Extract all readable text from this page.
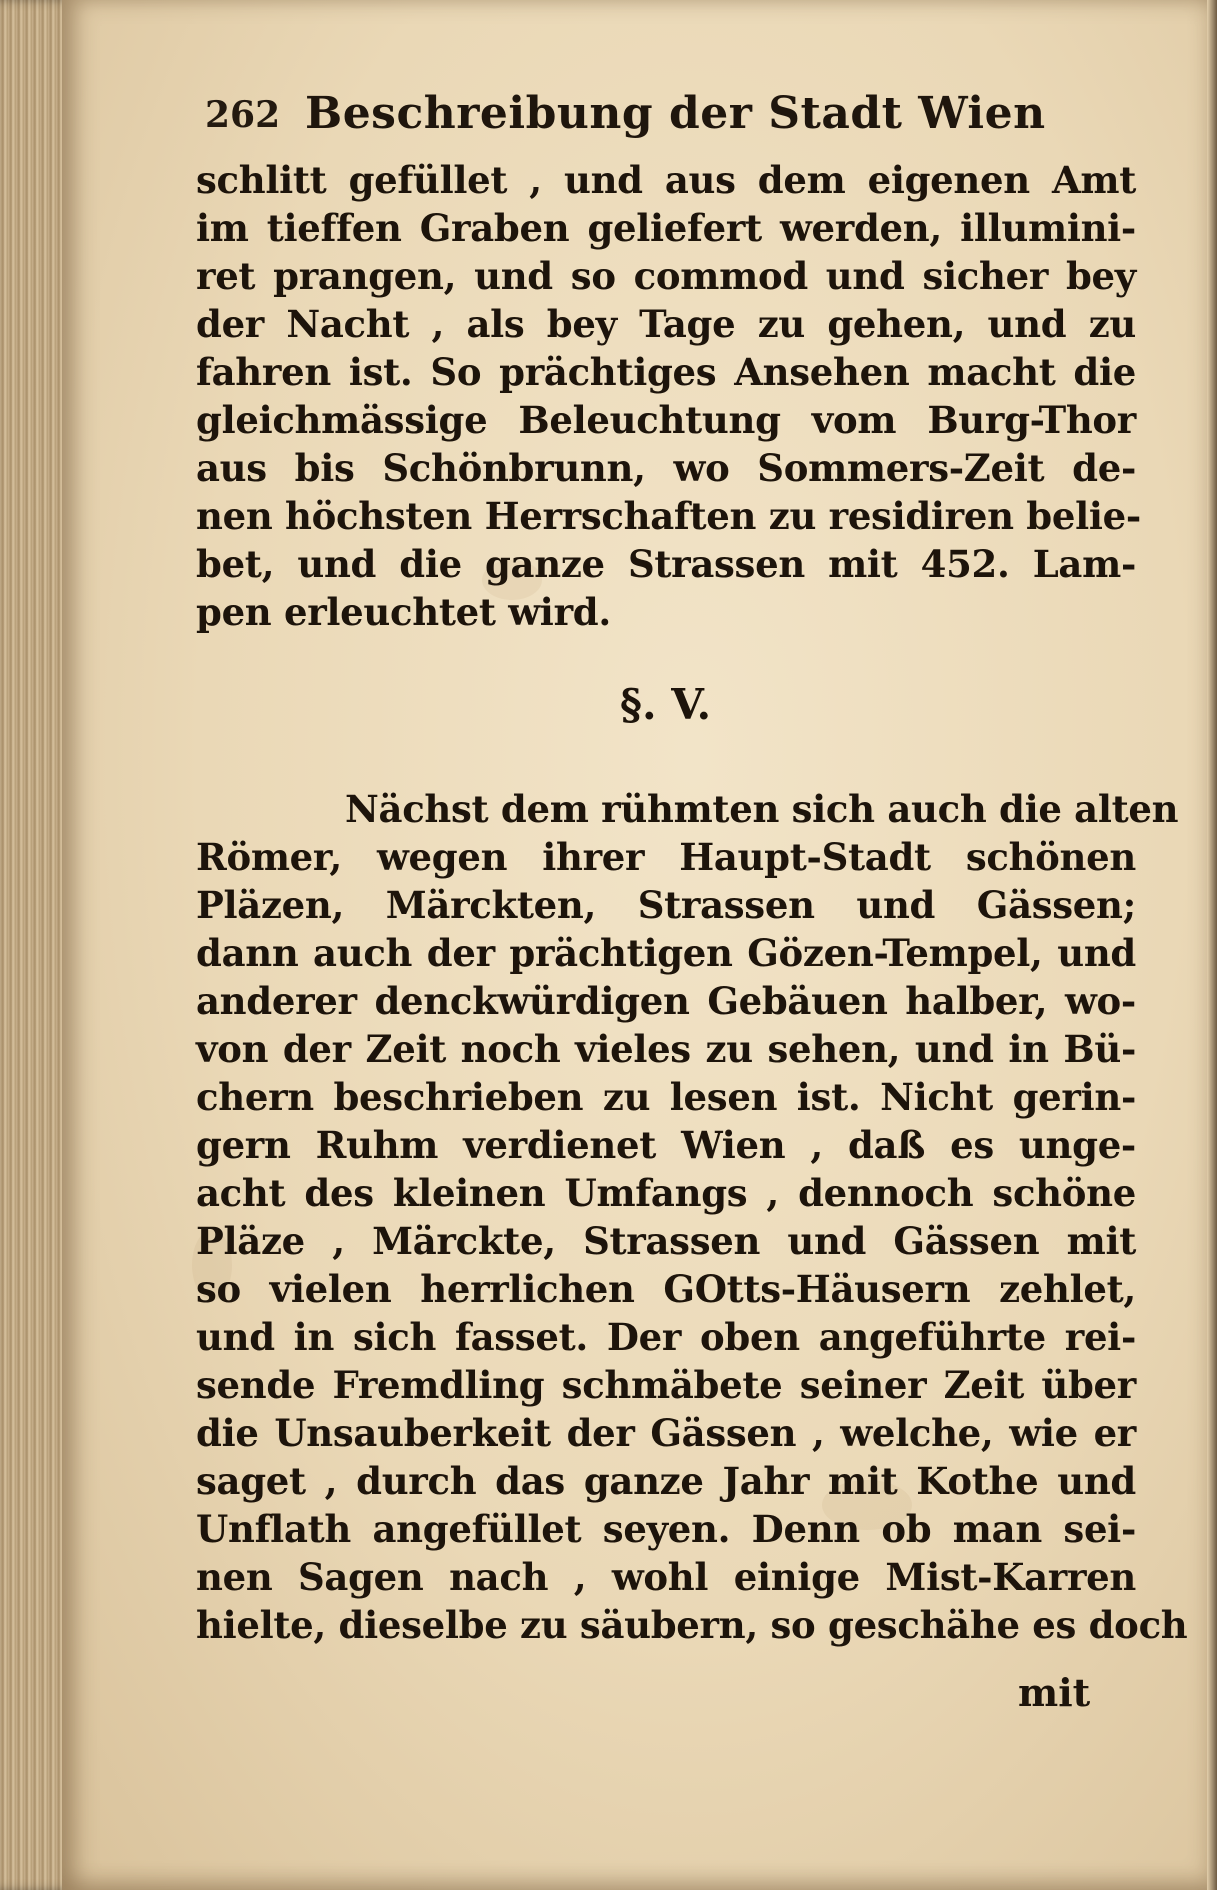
262 Beschreibung der Stadt Wien
schlitt gefüllet , und aus dem eigenen Amt
im tieffen Graben geliefert werden, illumini-
ret prangen, und so commod und sicher bey
der Nacht , als bey Tage zu gehen, und zu
fahren ist. So prächtiges Ansehen macht die
gleichmässige Beleuchtung vom Burg-Thor
aus bis Schönbrunn, wo Sommers-Zeit de-
nen höchsten Herrschaften zu residiren belie-
bet, und die ganze Strassen mit 452. Lam-
pen erleuchtet wird.
§. V.
Nächst dem rühmten sich auch die alten
Römer, wegen ihrer Haupt-Stadt schönen
Pläzen, Märckten, Strassen und Gässen;
dann auch der prächtigen Gözen-Tempel, und
anderer denckwürdigen Gebäuen halber, wo-
von der Zeit noch vieles zu sehen, und in Bü-
chern beschrieben zu lesen ist. Nicht gerin-
gern Ruhm verdienet Wien , daß es unge-
acht des kleinen Umfangs , dennoch schöne
Pläze , Märckte, Strassen und Gässen mit
so vielen herrlichen GOtts-Häusern zehlet,
und in sich fasset. Der oben angeführte rei-
sende Fremdling schmäbete seiner Zeit über
die Unsauberkeit der Gässen , welche, wie er
saget , durch das ganze Jahr mit Kothe und
Unflath angefüllet seyen. Denn ob man sei-
nen Sagen nach , wohl einige Mist-Karren
hielte, dieselbe zu säubern, so geschähe es doch
mit
